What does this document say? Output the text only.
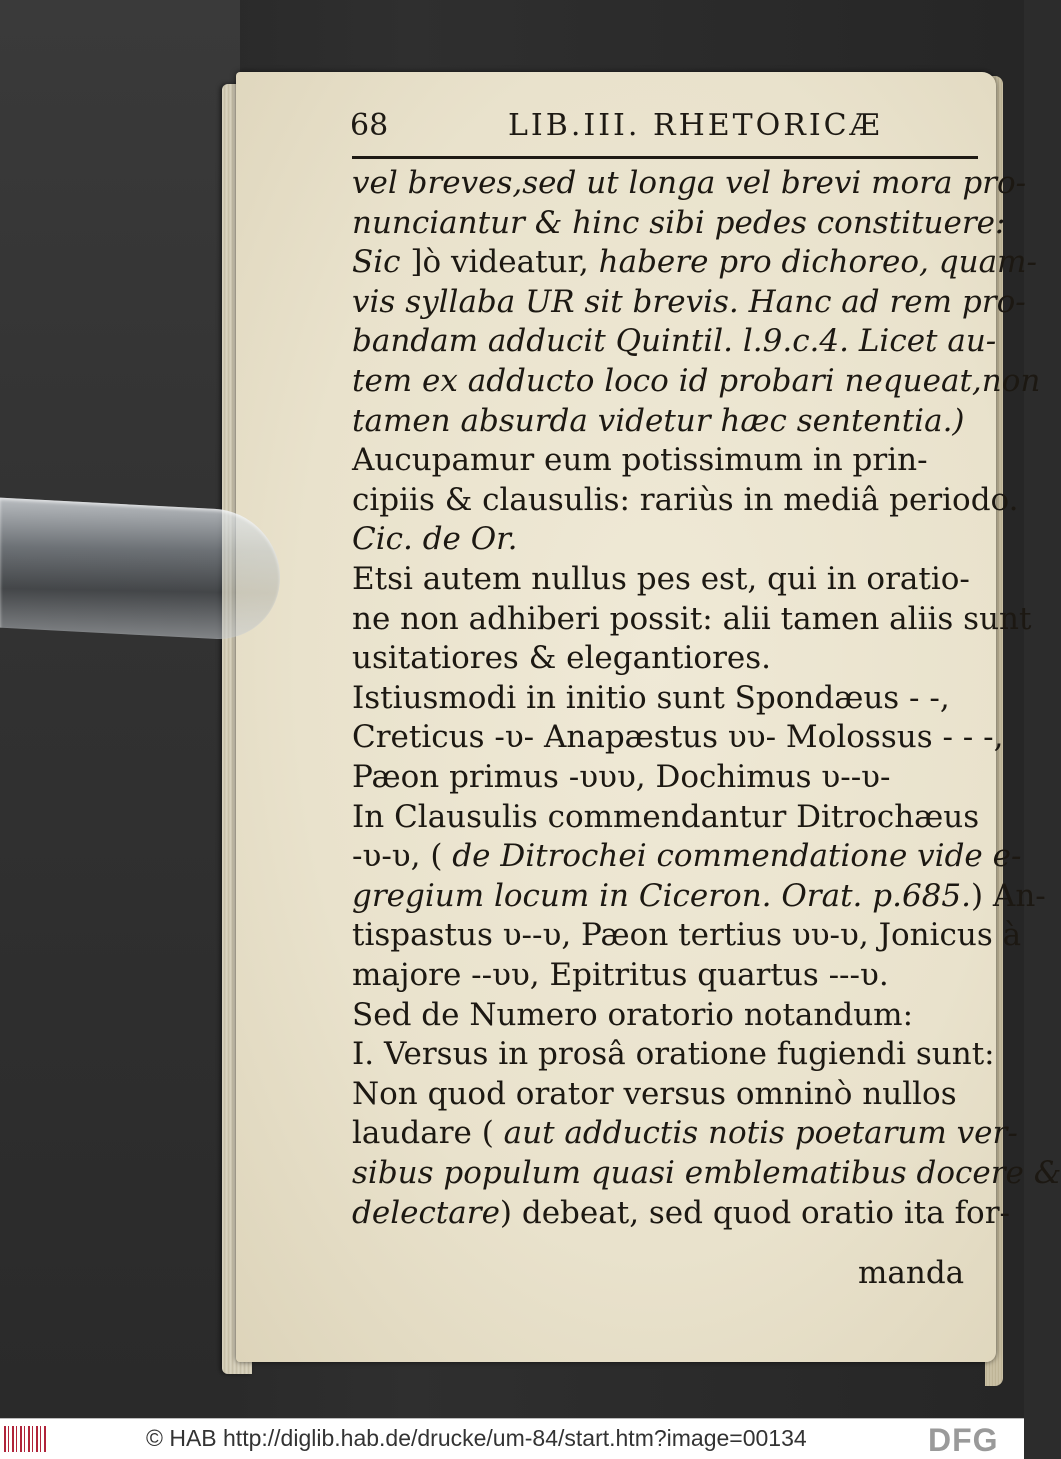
68	LIB.III. RHETORICÆ
vel breves,sed ut longa vel brevi mora pro-
nunciantur & hinc sibi pedes constituere:
Sic ]ò videatur, habere pro dichoreo, quam-
vis syllaba UR sit brevis. Hanc ad rem pro-
bandam adducit Quintil. l.9.c.4. Licet au-
tem ex adducto loco id probari nequeat,non
tamen absurda videtur hæc sententia.)
Aucupamur eum potissimum in prin-
cipiis & clausulis: rariùs in mediâ periodo.
Cic. de Or.
Etsi autem nullus pes est, qui in oratio-
ne non adhiberi possit: alii tamen aliis sunt
usitatiores & elegantiores.
Istiusmodi in initio sunt Spondæus - -,
Creticus -υ- Anapæstus υυ- Molossus - - -,
Pæon primus -υυυ, Dochimus υ--υ-
In Clausulis commendantur Ditrochæus
-υ-υ, ( de Ditrochei commendatione vide e-
gregium locum in Ciceron. Orat. p.685.) An-
tispastus υ--υ, Pæon tertius υυ-υ, Jonicus à
majore --υυ, Epitritus quartus ---υ.
Sed de Numero oratorio notandum:
I. Versus in prosâ oratione fugiendi sunt:
Non quod orator versus omninò nullos
laudare ( aut adductis notis poetarum ver-
sibus populum quasi emblematibus docere &
delectare) debeat, sed quod oratio ita for-
manda
© HAB http://diglib.hab.de/drucke/um-84/start.htm?image=00134	DFG
